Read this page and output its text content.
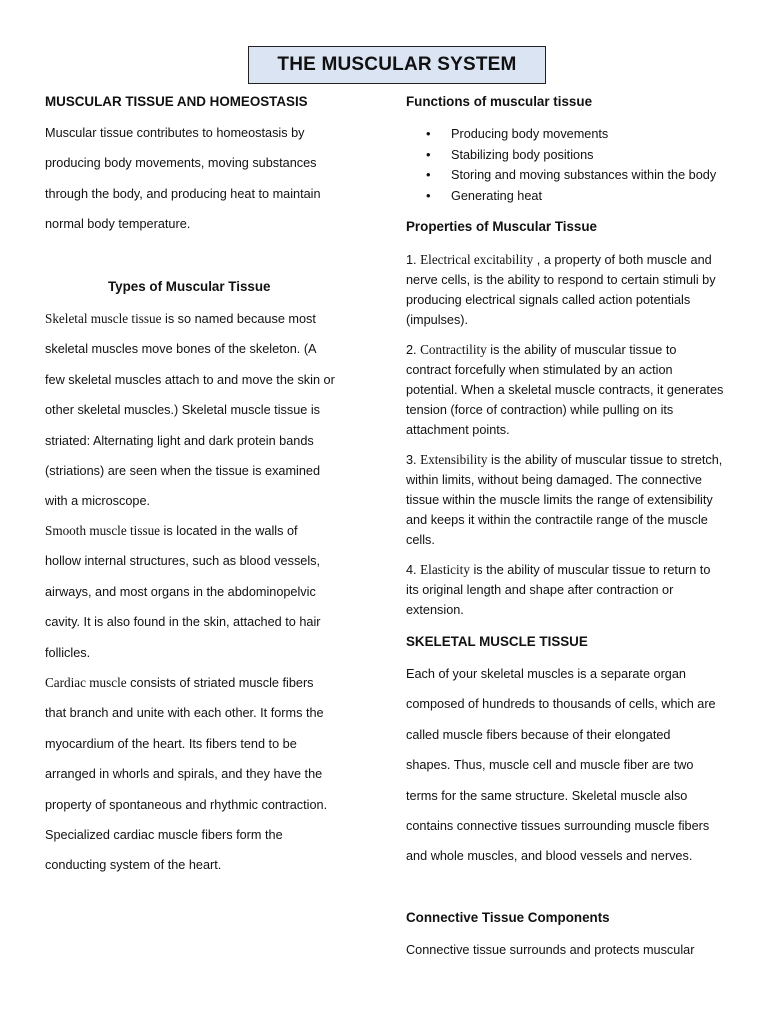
THE MUSCULAR SYSTEM
MUSCULAR TISSUE AND HOMEOSTASIS

Muscular tissue contributes to homeostasis by producing body movements, moving substances through the body, and producing heat to maintain normal body temperature.

Types of Muscular Tissue

Skeletal muscle tissue is so named because most skeletal muscles move bones of the skeleton. (A few skeletal muscles attach to and move the skin or other skeletal muscles.) Skeletal muscle tissue is striated: Alternating light and dark protein bands (striations) are seen when the tissue is examined with a microscope.

Smooth muscle tissue is located in the walls of hollow internal structures, such as blood vessels, airways, and most organs in the abdominopelvic cavity. It is also found in the skin, attached to hair follicles.

Cardiac muscle consists of striated muscle fibers that branch and unite with each other. It forms the myocardium of the heart. Its fibers tend to be arranged in whorls and spirals, and they have the property of spontaneous and rhythmic contraction. Specialized cardiac muscle fibers form the conducting system of the heart.

Functions of muscular tissue
• Producing body movements
• Stabilizing body positions
• Storing and moving substances within the body
• Generating heat
Properties of Muscular Tissue

1. Electrical excitability , a property of both muscle and nerve cells, is the ability to respond to certain stimuli by producing electrical signals called action potentials (impulses).

2. Contractility is the ability of muscular tissue to contract forcefully when stimulated by an action potential. When a skeletal muscle contracts, it generates tension (force of contraction) while pulling on its attachment points.

3. Extensibility is the ability of muscular tissue to stretch, within limits, without being damaged. The connective tissue within the muscle limits the range of extensibility and keeps it within the contractile range of the muscle cells.

4. Elasticity is the ability of muscular tissue to return to its original length and shape after contraction or extension.

SKELETAL MUSCLE TISSUE

Each of your skeletal muscles is a separate organ composed of hundreds to thousands of cells, which are called muscle fibers because of their elongated shapes. Thus, muscle cell and muscle fiber are two terms for the same structure. Skeletal muscle also contains connective tissues surrounding muscle fibers and whole muscles, and blood vessels and nerves.

Connective Tissue Components

Connective tissue surrounds and protects muscular
